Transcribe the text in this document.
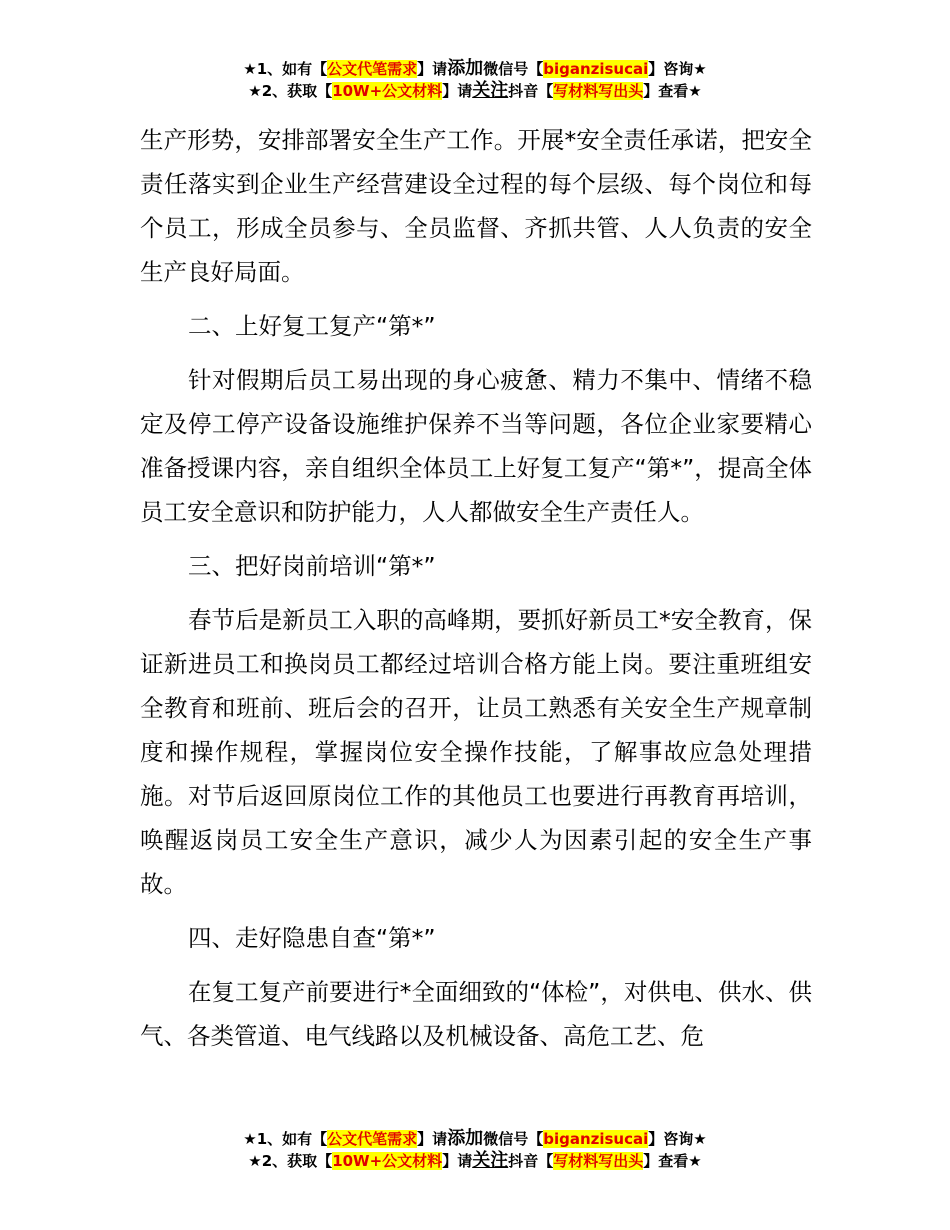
★1、如有【公文代笔需求】请添加微信号【biganzisucai】咨询★
★2、获取【10W+公文材料】请关注抖音【写材料写出头】查看★

生产形势，安排部署安全生产工作。开展*安全责任承诺，把安全责任落实到企业生产经营建设全过程的每个层级、每个岗位和每个员工，形成全员参与、全员监督、齐抓共管、人人负责的安全生产良好局面。

二、上好复工复产“第*”

针对假期后员工易出现的身心疲惫、精力不集中、情绪不稳定及停工停产设备设施维护保养不当等问题，各位企业家要精心准备授课内容，亲自组织全体员工上好复工复产“第*”，提高全体员工安全意识和防护能力，人人都做安全生产责任人。

三、把好岗前培训“第*”

春节后是新员工入职的高峰期，要抓好新员工*安全教育，保证新进员工和换岗员工都经过培训合格方能上岗。要注重班组安全教育和班前、班后会的召开，让员工熟悉有关安全生产规章制度和操作规程，掌握岗位安全操作技能，了解事故应急处理措施。对节后返回原岗位工作的其他员工也要进行再教育再培训，唤醒返岗员工安全生产意识，减少人为因素引起的安全生产事故。

四、走好隐患自查“第*”

在复工复产前要进行*全面细致的“体检”，对供电、供水、供气、各类管道、电气线路以及机械设备、高危工艺、危

★1、如有【公文代笔需求】请添加微信号【biganzisucai】咨询★
★2、获取【10W+公文材料】请关注抖音【写材料写出头】查看★
